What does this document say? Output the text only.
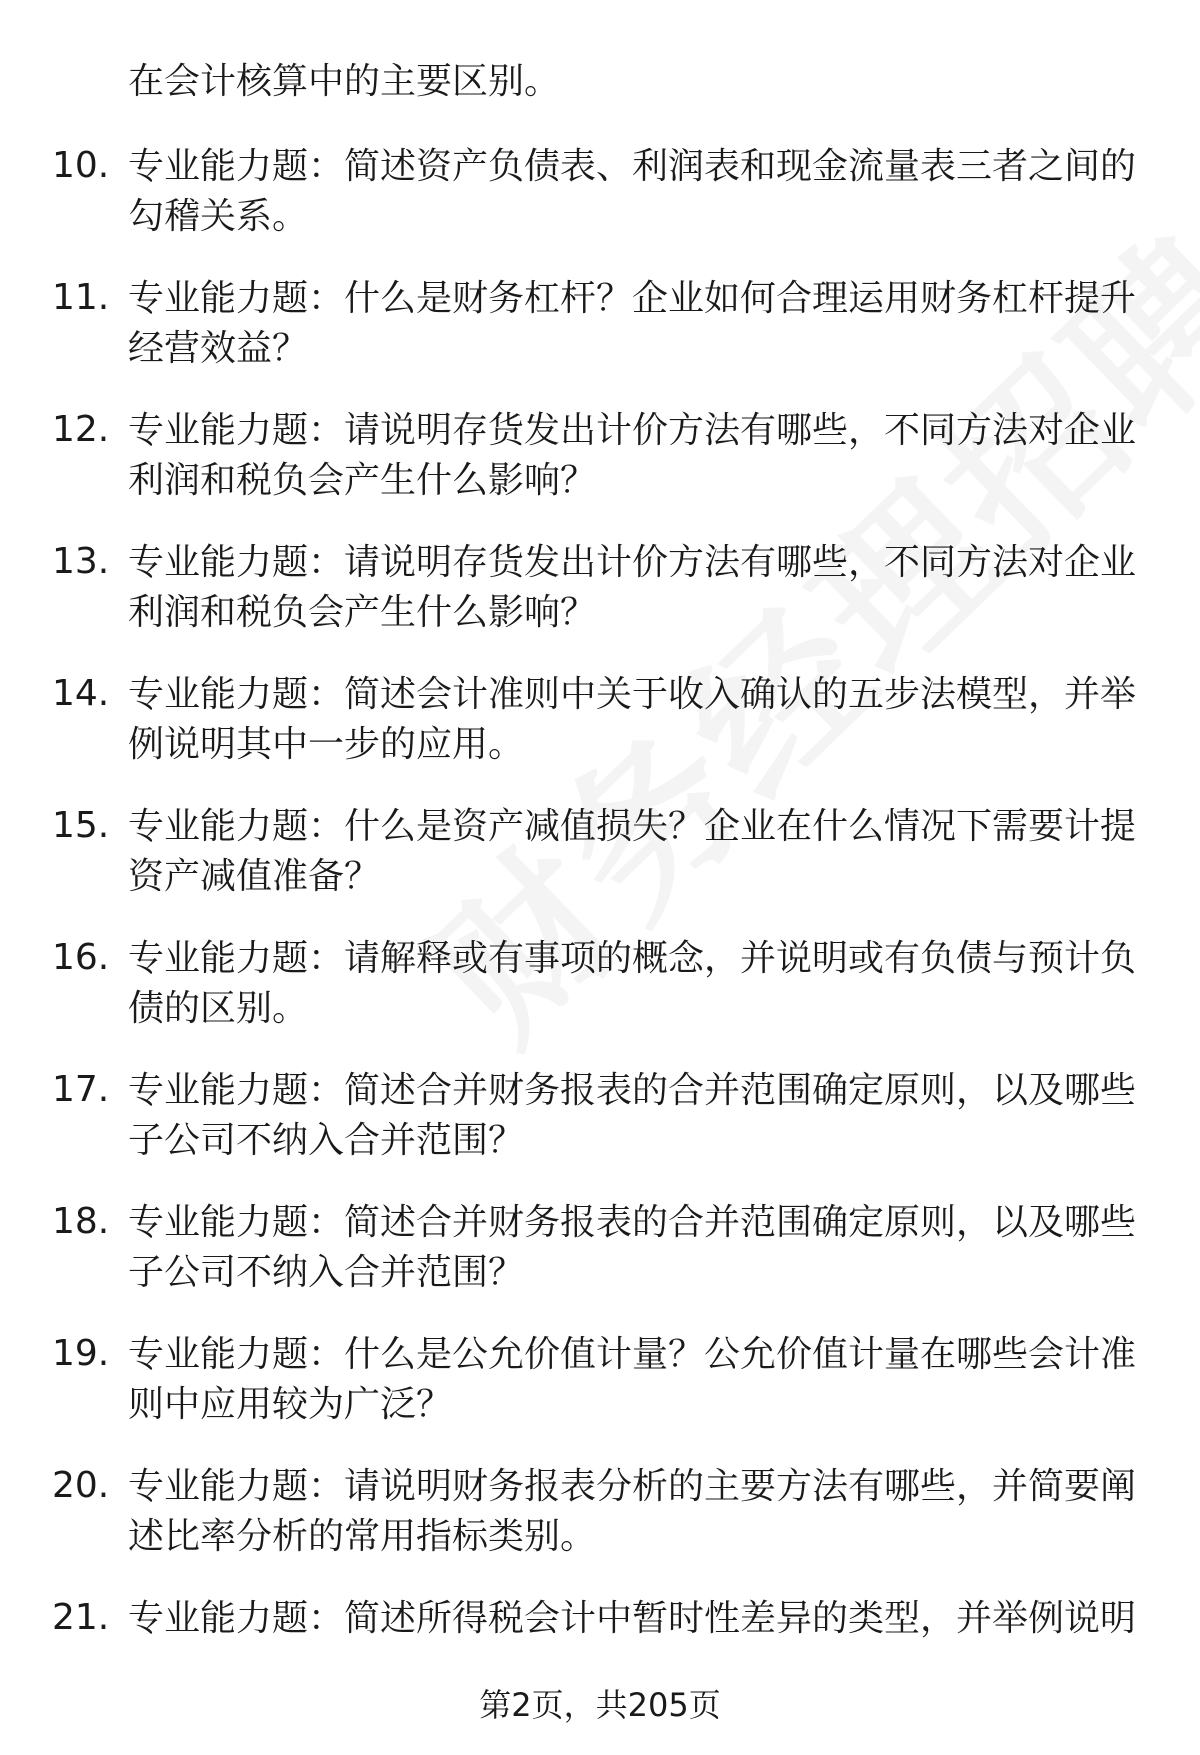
在会计核算中的主要区别。
10. 专业能力题：简述资产负债表、利润表和现金流量表三者之间的勾稽关系。
11. 专业能力题：什么是财务杠杆？企业如何合理运用财务杠杆提升经营效益？
12. 专业能力题：请说明存货发出计价方法有哪些，不同方法对企业利润和税负会产生什么影响？
13. 专业能力题：请说明存货发出计价方法有哪些，不同方法对企业利润和税负会产生什么影响？
14. 专业能力题：简述会计准则中关于收入确认的五步法模型，并举例说明其中一步的应用。
15. 专业能力题：什么是资产减值损失？企业在什么情况下需要计提资产减值准备？
16. 专业能力题：请解释或有事项的概念，并说明或有负债与预计负债的区别。
17. 专业能力题：简述合并财务报表的合并范围确定原则，以及哪些子公司不纳入合并范围？
18. 专业能力题：简述合并财务报表的合并范围确定原则，以及哪些子公司不纳入合并范围？
19. 专业能力题：什么是公允价值计量？公允价值计量在哪些会计准则中应用较为广泛？
20. 专业能力题：请说明财务报表分析的主要方法有哪些，并简要阐述比率分析的常用指标类别。
21. 专业能力题：简述所得税会计中暂时性差异的类型，并举例说明
第2页，共205页
